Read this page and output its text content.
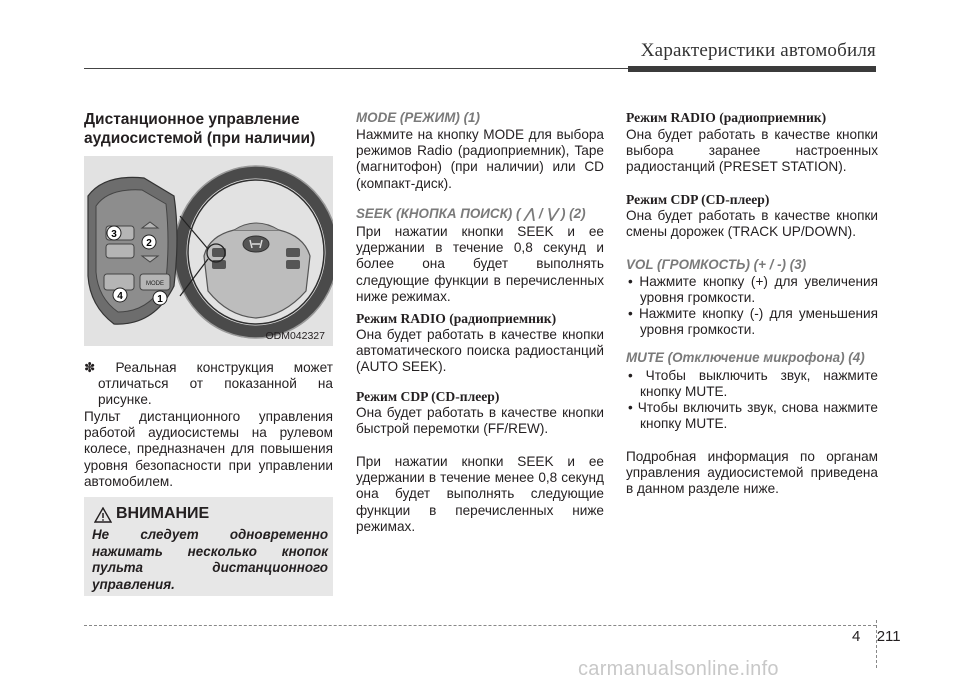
Характеристики автомобиля
Дистанционное управление
аудиосистемой (при наличии)
MODE
3
2
4	1
ODM042327
✽ Реальная конструкция может отличаться от показанной на рисунке.
Пульт дистанционного управления работой аудиосистемы на рулевом колесе, предназначен для повышения уровня безопасности при управлении автомобилем.
ВНИМАНИЕ
Не следует одновременно нажимать несколько кнопок пульта дистанционного управления.
MODE (РЕЖИМ) (1)
Нажмите на кнопку MODE для выбора режимов Radio (радиоприемник), Tape (магнитофон) (при наличии) или CD (компакт-диск).
SEEK (КНОПКА ПОИСК) ( ⋀ / ⋁ ) (2)
При нажатии кнопки SEEK и ее удержании в течение 0,8 секунд и более она будет выполнять следующие функции в перечисленных ниже режимах.
Режим RADIO (радиоприемник)
Она будет работать в качестве кнопки автоматического поиска радиостанций (AUTO SEEK).
Режим CDP (CD-плеер)
Она будет работать в качестве кнопки быстрой перемотки (FF/REW).
При нажатии кнопки SEEK и ее удержании в течение менее 0,8 секунд она будет выполнять следующие функции в перечисленных ниже режимах.
Режим RADIO (радиоприемник)
Она будет работать в качестве кнопки выбора заранее настроенных радиостанций (PRESET STATION).
Режим CDP (CD-плеер)
Она будет работать в качестве кнопки смены дорожек (TRACK UP/DOWN).
VOL (ГРОМКОСТЬ) (+ / -) (3)
• Нажмите кнопку (+) для увеличения уровня громкости.
• Нажмите кнопку (-) для уменьшения уровня громкости.
MUTE (Отключение микрофона) (4)
• Чтобы выключить звук, нажмите кнопку MUTE.
• Чтобы включить звук, снова нажмите кнопку MUTE.
Подробная информация по органам управления аудиосистемой приведена в данном разделе ниже.
4 211
carmanualsonline.info
